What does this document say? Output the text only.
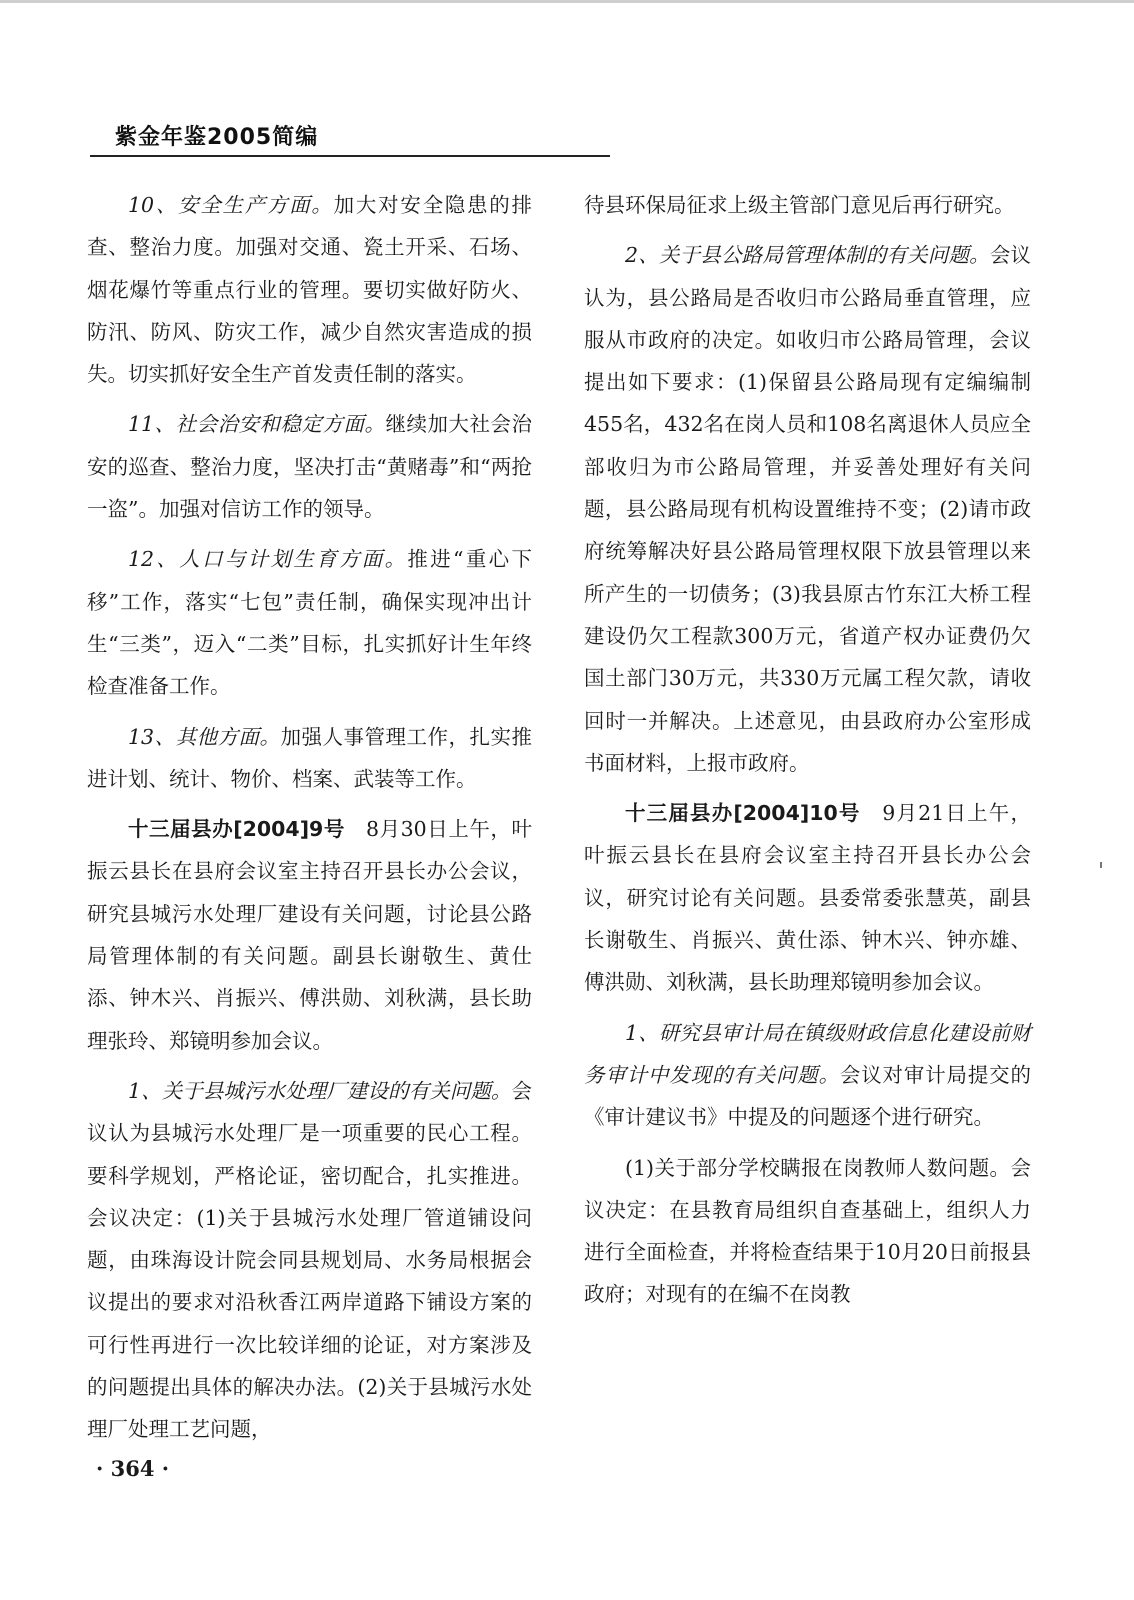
紫金年鉴2005简编

10、安全生产方面。加大对安全隐患的排查、整治力度。加强对交通、瓷土开采、石场、烟花爆竹等重点行业的管理。要切实做好防火、防汛、防风、防灾工作，减少自然灾害造成的损失。切实抓好安全生产首发责任制的落实。

11、社会治安和稳定方面。继续加大社会治安的巡查、整治力度，坚决打击“黄赌毒”和“两抢一盗”。加强对信访工作的领导。

12、人口与计划生育方面。推进“重心下移”工作，落实“七包”责任制，确保实现冲出计生“三类”，迈入“二类”目标，扎实抓好计生年终检查准备工作。

13、其他方面。加强人事管理工作，扎实推进计划、统计、物价、档案、武装等工作。

十三届县办[2004]9号　8月30日上午，叶振云县长在县府会议室主持召开县长办公会议，研究县城污水处理厂建设有关问题，讨论县公路局管理体制的有关问题。副县长谢敬生、黄仕添、钟木兴、肖振兴、傅洪勋、刘秋满，县长助理张玲、郑镜明参加会议。

1、关于县城污水处理厂建设的有关问题。会议认为县城污水处理厂是一项重要的民心工程。要科学规划，严格论证，密切配合，扎实推进。会议决定：(1)关于县城污水处理厂管道铺设问题，由珠海设计院会同县规划局、水务局根据会议提出的要求对沿秋香江两岸道路下铺设方案的可行性再进行一次比较详细的论证，对方案涉及的问题提出具体的解决办法。(2)关于县城污水处理厂处理工艺问题，

待县环保局征求上级主管部门意见后再行研究。

2、关于县公路局管理体制的有关问题。会议认为，县公路局是否收归市公路局垂直管理，应服从市政府的决定。如收归市公路局管理，会议提出如下要求：(1)保留县公路局现有定编编制455名，432名在岗人员和108名离退休人员应全部收归为市公路局管理，并妥善处理好有关问题，县公路局现有机构设置维持不变；(2)请市政府统筹解决好县公路局管理权限下放县管理以来所产生的一切债务；(3)我县原古竹东江大桥工程建设仍欠工程款300万元，省道产权办证费仍欠国土部门30万元，共330万元属工程欠款，请收回时一并解决。上述意见，由县政府办公室形成书面材料，上报市政府。

十三届县办[2004]10号　9月21日上午，叶振云县长在县府会议室主持召开县长办公会议，研究讨论有关问题。县委常委张慧英，副县长谢敬生、肖振兴、黄仕添、钟木兴、钟亦雄、傅洪勋、刘秋满，县长助理郑镜明参加会议。

1、研究县审计局在镇级财政信息化建设前财务审计中发现的有关问题。会议对审计局提交的《审计建议书》中提及的问题逐个进行研究。

(1)关于部分学校瞒报在岗教师人数问题。会议决定：在县教育局组织自查基础上，组织人力进行全面检查，并将检查结果于10月20日前报县政府；对现有的在编不在岗教

· 364 ·
